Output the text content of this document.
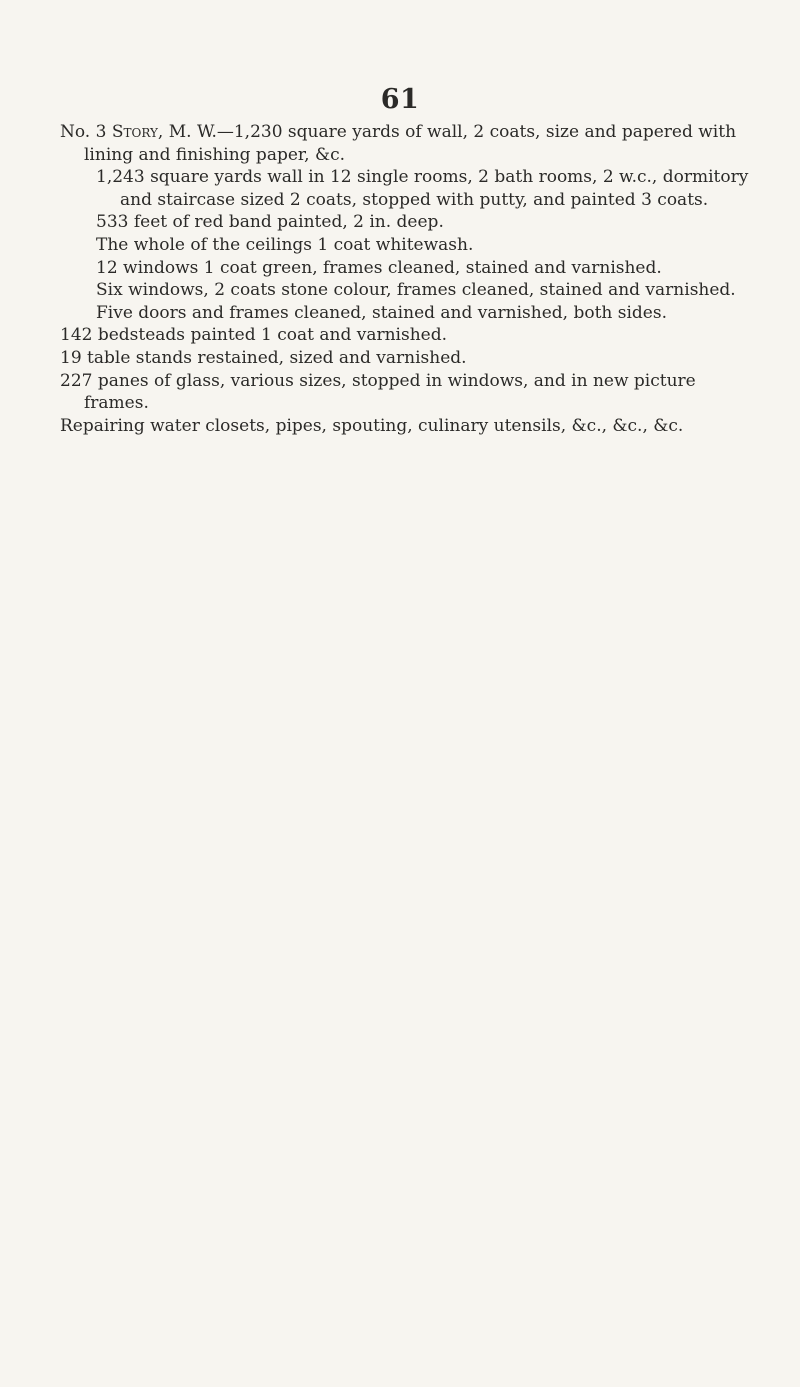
61

No. 3 Story, M. W.—1,230 square yards of wall, 2 coats, size and papered with lining and finishing paper, &c.

1,243 square yards wall in 12 single rooms, 2 bath rooms, 2 w.c., dormitory and staircase sized 2 coats, stopped with putty, and painted 3 coats.

533 feet of red band painted, 2 in. deep.

The whole of the ceilings 1 coat whitewash.

12 windows 1 coat green, frames cleaned, stained and varnished.

Six windows, 2 coats stone colour, frames cleaned, stained and varnished.

Five doors and frames cleaned, stained and varnished, both sides.

142 bedsteads painted 1 coat and varnished.

19 table stands restained, sized and varnished.

227 panes of glass, various sizes, stopped in windows, and in new picture frames.

Repairing water closets, pipes, spouting, culinary utensils, &c., &c., &c.
